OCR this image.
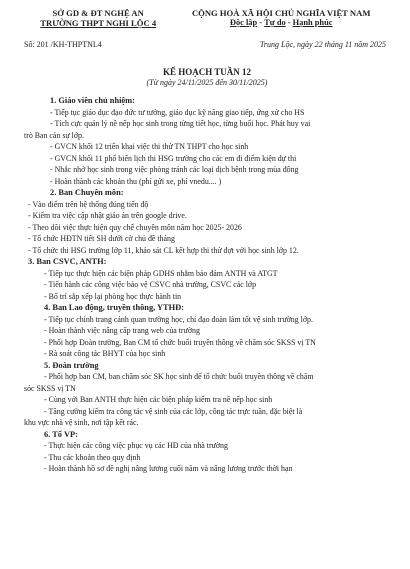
SỞ GD & ĐT NGHỆ AN
TRƯỜNG THPT NGHI LỘC 4
CỘNG HOÀ XÃ HỘI CHỦ NGHĨA VIỆT NAM
Độc lập - Tự do - Hạnh phúc
Số: 201 /KH-THPTNL4	Trung Lộc, ngày 22 tháng 11 năm 2025
KẾ HOẠCH TUẦN 12
(Từ ngày 24/11/2025 đến 30/11/2025)
1. Giáo viên chủ nhiệm:
- Tiếp tục giáo dục đạo đức tư tưởng, giáo dục kỹ năng giao tiếp, ứng xử cho HS
- Tích cực quản lý nề nếp học sinh trong từng tiết học, từng buổi học. Phát huy vai
trò Ban cán sự lớp.
- GVCN khối 12 triển khai việc thi thử TN THPT cho học sinh
- GVCN khối 11 phổ biến lịch thi HSG trường cho các em đi điểm kiện dự thi
- Nhắc nhở học sinh trong việc phòng tránh các loại dịch bệnh trong mùa đông
- Hoàn thành các khoản thu (phí gửi xe, phí vnedu.... )
2. Ban Chuyên môn:
- Vào điểm trên hệ thống đúng tiến độ
- Kiểm tra việc cập nhật giáo án trên google drive.
- Theo dõi việc thực hiện quy chế chuyên môn năm học 2025- 2026
- Tổ chức HĐTN tiết SH dưới cờ chủ đề tháng
- Tổ chức thi HSG trường lớp 11, khảo sát CL kết hợp thi thử đợt với học sinh lớp 12.
3. Ban CSVC, ANTH:
- Tiếp tục thực hiện các biện pháp GDHS nhằm bảo đảm ANTH và ATGT
- Tiến hành các công việc bảo vệ CSVC nhà trường, CSVC các lớp
- Bố trí sắp xếp lại phòng học thực hành tin
4. Ban Lao động, truyền thông, YTHĐ:
- Tiếp tục chỉnh trang cảnh quan trường học, chỉ đạo đoàn làm tốt vệ sinh trường lớp.
- Hoàn thành việc nâng cấp trang web của trường
- Phối hợp Đoàn trường, Ban CM tổ chức buổi truyền thông về chăm sóc SKSS vị TN
- Rà soát công tác BHYT của học sinh
5. Đoàn trường
- Phối hợp ban CM, ban chăm sóc SK học sinh để tổ chức buổi truyền thông về chăm
sóc SKSS vị TN
- Cùng với Ban ANTH thực hiện các biện pháp kiểm tra nề nếp học sinh
- Tăng cường kiểm tra công tác vệ sinh của các lớp, công tác trực tuần, đặc biệt là
khu vực nhà vệ sinh, nơi tập kết rác.
6. Tổ VP:
- Thực hiện các công việc phục vụ các HĐ của nhà trường
- Thu các khoản theo quy định
- Hoàn thành hồ sơ đề nghị nâng lương cuối năm và nâng lương trước thời hạn
